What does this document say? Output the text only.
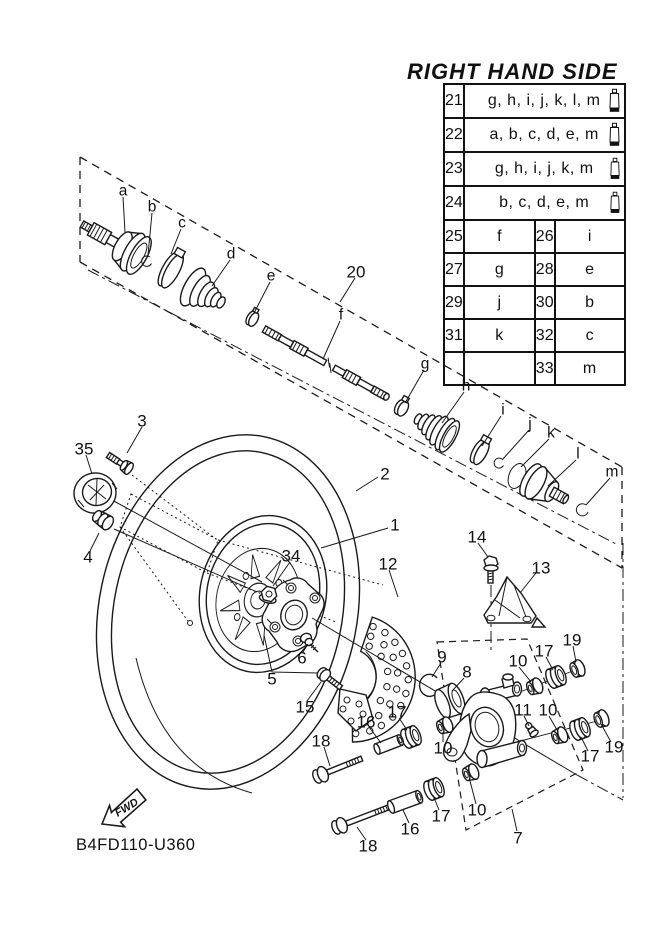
FWD
RIGHT HAND SIDE
21	g, h, i, j, k, l, m		

22	a, b, c, d, e, m		

23	g, h, i, j, k, m		

24	b, c, d, e, m		

25	f	26	i
27	g	28	e
29	j	30	b
31	k	32	c
		33	m
20
3
35
4
2
1
34	12
5
6
15
14
13
9
8
10
17
19
11 10
17 19
10
10
7
16
17
18
18
16
17
a
b
c
d
e
f
g
h
i
j
k
l
m
B4FD110-U360
